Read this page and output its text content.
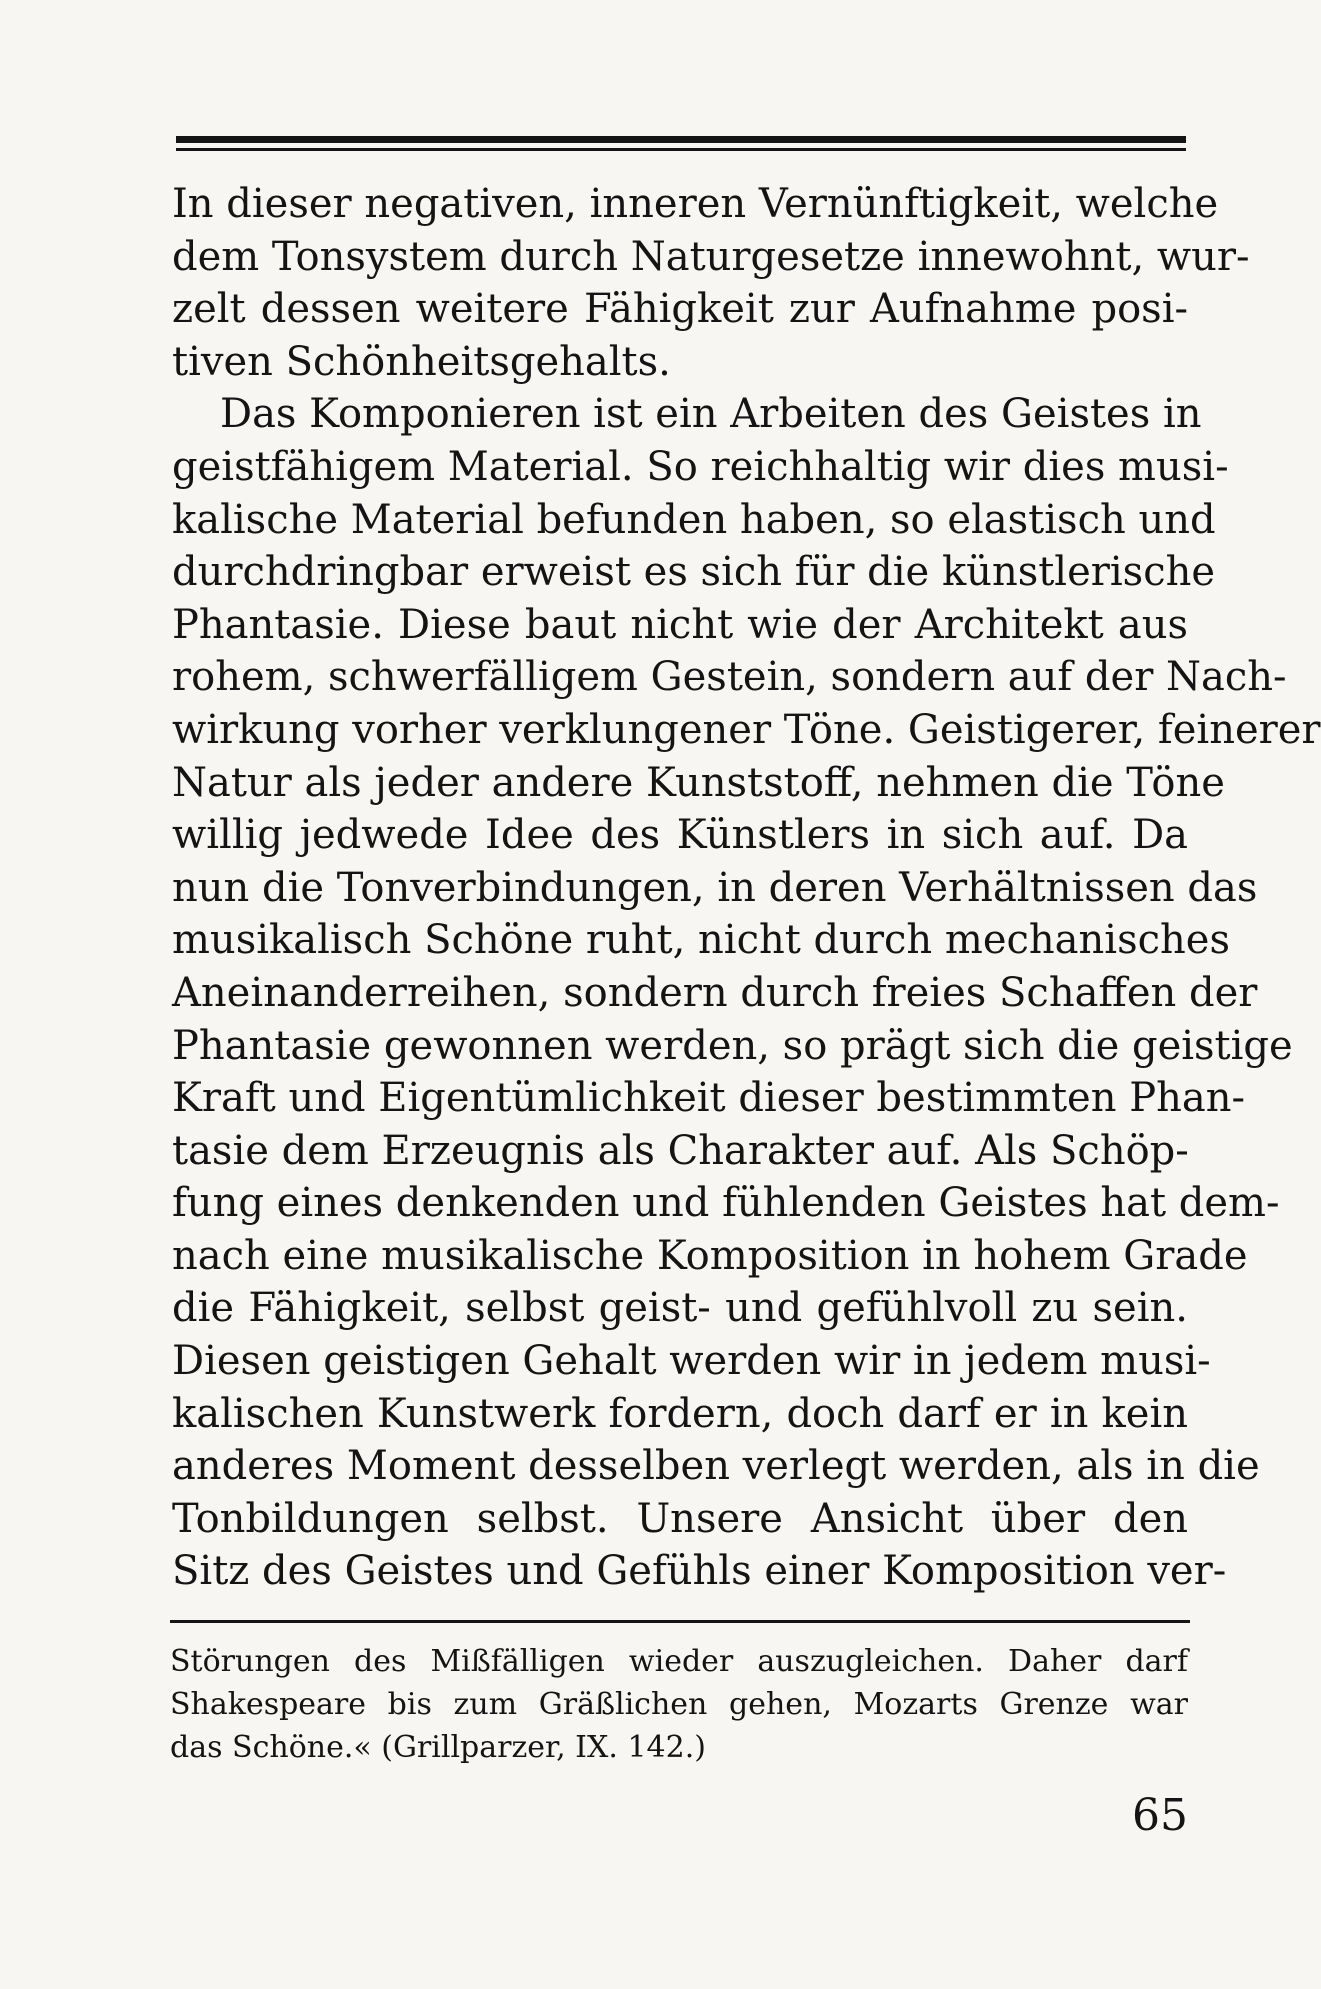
In dieser negativen, inneren Vernünftigkeit, welche
dem Tonsystem durch Naturgesetze innewohnt, wur-
zelt dessen weitere Fähigkeit zur Aufnahme posi-
tiven Schönheitsgehalts.
Das Komponieren ist ein Arbeiten des Geistes in
geistfähigem Material. So reichhaltig wir dies musi-
kalische Material befunden haben, so elastisch und
durchdringbar erweist es sich für die künstlerische
Phantasie. Diese baut nicht wie der Architekt aus
rohem, schwerfälligem Gestein, sondern auf der Nach-
wirkung vorher verklungener Töne. Geistigerer, feinerer
Natur als jeder andere Kunststoff, nehmen die Töne
willig jedwede Idee des Künstlers in sich auf. Da
nun die Tonverbindungen, in deren Verhältnissen das
musikalisch Schöne ruht, nicht durch mechanisches
Aneinanderreihen, sondern durch freies Schaffen der
Phantasie gewonnen werden, so prägt sich die geistige
Kraft und Eigentümlichkeit dieser bestimmten Phan-
tasie dem Erzeugnis als Charakter auf. Als Schöp-
fung eines denkenden und fühlenden Geistes hat dem-
nach eine musikalische Komposition in hohem Grade
die Fähigkeit, selbst geist- und gefühlvoll zu sein.
Diesen geistigen Gehalt werden wir in jedem musi-
kalischen Kunstwerk fordern, doch darf er in kein
anderes Moment desselben verlegt werden, als in die
Tonbildungen selbst. Unsere Ansicht über den
Sitz des Geistes und Gefühls einer Komposition ver-
Störungen des Mißfälligen wieder auszugleichen. Daher darf
Shakespeare bis zum Gräßlichen gehen, Mozarts Grenze war
das Schöne.« (Grillparzer, IX. 142.)
65
